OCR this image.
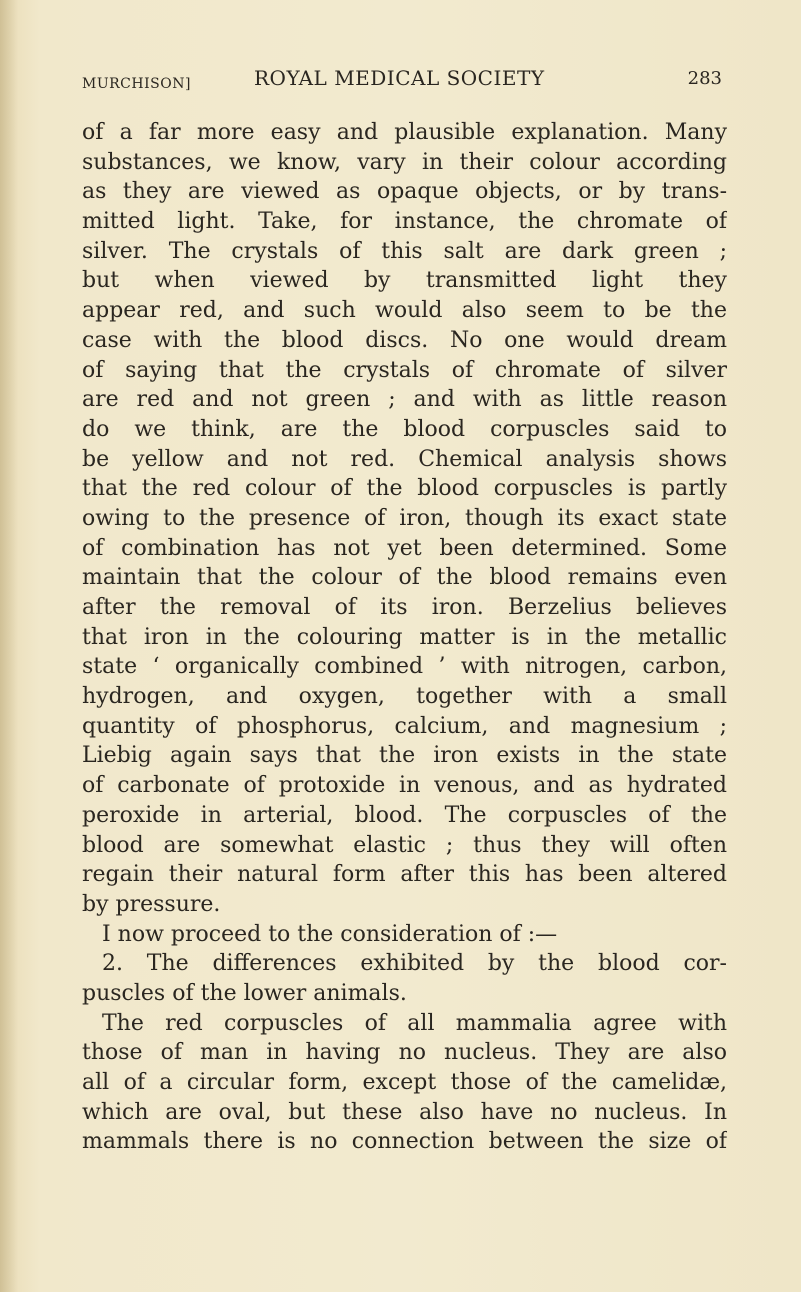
MURCHISON]	ROYAL MEDICAL SOCIETY	283
of a far more easy and plausible explanation. Many
substances, we know, vary in their colour according
as they are viewed as opaque objects, or by trans-
mitted light. Take, for instance, the chromate of
silver. The crystals of this salt are dark green ;
but when viewed by transmitted light they
appear red, and such would also seem to be the
case with the blood discs. No one would dream
of saying that the crystals of chromate of silver
are red and not green ; and with as little reason
do we think, are the blood corpuscles said to
be yellow and not red. Chemical analysis shows
that the red colour of the blood corpuscles is partly
owing to the presence of iron, though its exact state
of combination has not yet been determined. Some
maintain that the colour of the blood remains even
after the removal of its iron. Berzelius believes
that iron in the colouring matter is in the metallic
state ‘ organically combined ’ with nitrogen, carbon,
hydrogen, and oxygen, together with a small
quantity of phosphorus, calcium, and magnesium ;
Liebig again says that the iron exists in the state
of carbonate of protoxide in venous, and as hydrated
peroxide in arterial, blood. The corpuscles of the
blood are somewhat elastic ; thus they will often
regain their natural form after this has been altered
by pressure.
I now proceed to the consideration of :—
2. The differences exhibited by the blood cor-
puscles of the lower animals.
The red corpuscles of all mammalia agree with
those of man in having no nucleus. They are also
all of a circular form, except those of the camelidæ,
which are oval, but these also have no nucleus. In
mammals there is no connection between the size of
